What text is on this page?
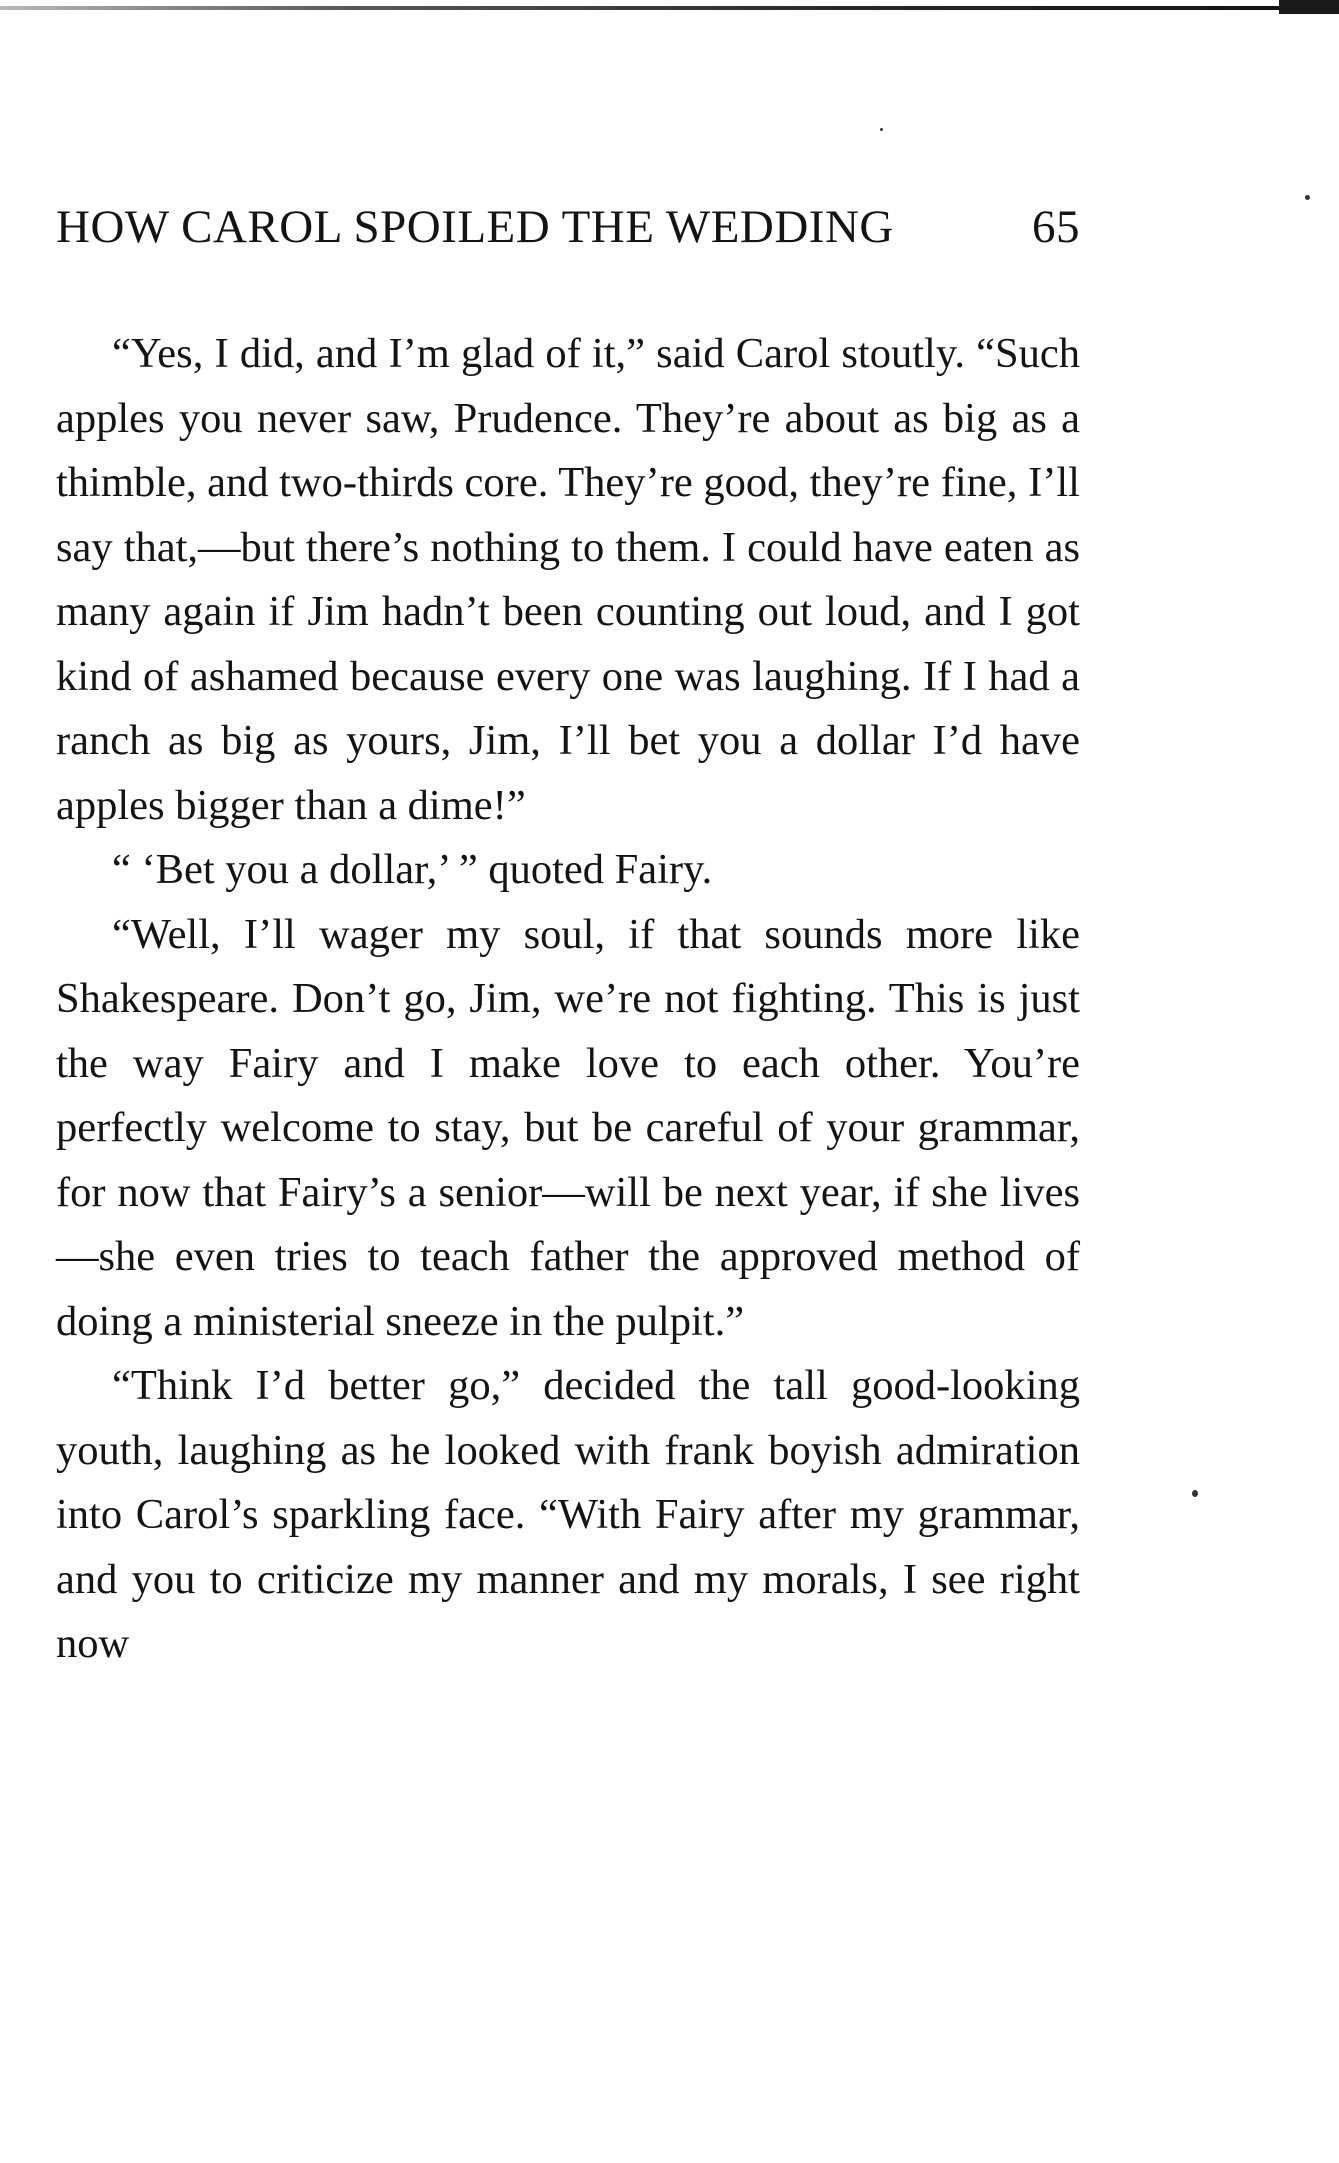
HOW CAROL SPOILED THE WEDDING	65

“Yes, I did, and I’m glad of it,” said Carol stoutly. “Such apples you never saw, Prudence. They’re about as big as a thimble, and two-thirds core. They’re good, they’re fine, I’ll say that,—but there’s nothing to them. I could have eaten as many again if Jim hadn’t been counting out loud, and I got kind of ashamed because every one was laughing. If I had a ranch as big as yours, Jim, I’ll bet you a dollar I’d have apples bigger than a dime!”

“ ‘Bet you a dollar,’ ” quoted Fairy.

“Well, I’ll wager my soul, if that sounds more like Shakespeare. Don’t go, Jim, we’re not fighting. This is just the way Fairy and I make love to each other. You’re perfectly welcome to stay, but be careful of your grammar, for now that Fairy’s a senior—will be next year, if she lives—she even tries to teach father the approved method of doing a ministerial sneeze in the pulpit.”

“Think I’d better go,” decided the tall good-looking youth, laughing as he looked with frank boyish admiration into Carol’s sparkling face. “With Fairy after my grammar, and you to criticize my manner and my morals, I see right now
